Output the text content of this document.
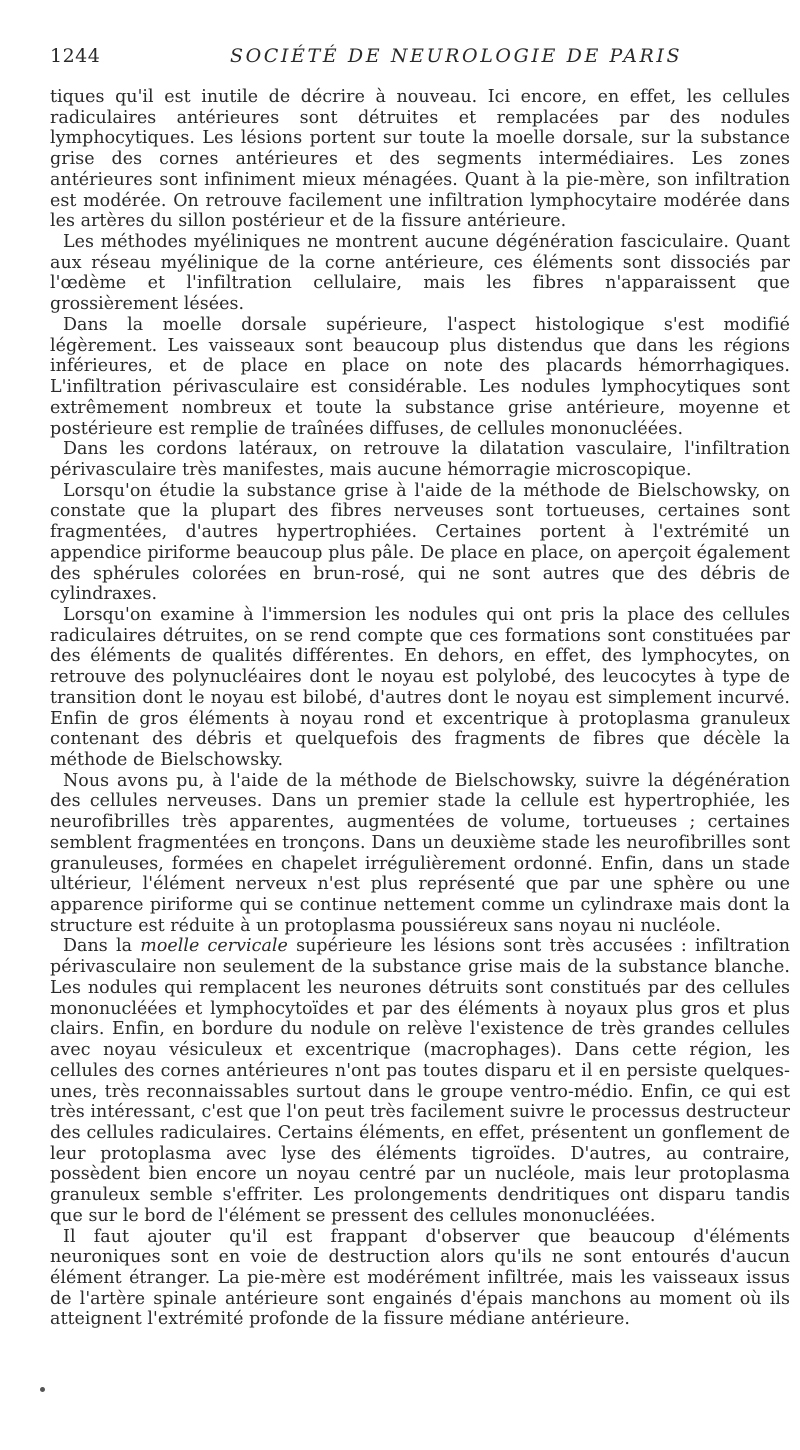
1244	SOCIÉTÉ DE NEUROLOGIE DE PARIS

tiques qu'il est inutile de décrire à nouveau. Ici encore, en effet, les cellules radiculaires antérieures sont détruites et remplacées par des nodules lymphocytiques. Les lésions portent sur toute la moelle dorsale, sur la substance grise des cornes antérieures et des segments intermédiaires. Les zones antérieures sont infiniment mieux ménagées. Quant à la pie-mère, son infiltration est modérée. On retrouve facilement une infiltration lymphocytaire modérée dans les artères du sillon postérieur et de la fissure antérieure.

Les méthodes myéliniques ne montrent aucune dégénération fasciculaire. Quant aux réseau myélinique de la corne antérieure, ces éléments sont dissociés par l'œdème et l'infiltration cellulaire, mais les fibres n'apparaissent que grossièrement lésées.

Dans la moelle dorsale supérieure, l'aspect histologique s'est modifié légèrement. Les vaisseaux sont beaucoup plus distendus que dans les régions inférieures, et de place en place on note des placards hémorrhagiques. L'infiltration périvasculaire est considérable. Les nodules lymphocytiques sont extrêmement nombreux et toute la substance grise antérieure, moyenne et postérieure est remplie de traînées diffuses, de cellules mononucléées.

Dans les cordons latéraux, on retrouve la dilatation vasculaire, l'infiltration périvasculaire très manifestes, mais aucune hémorragie microscopique.

Lorsqu'on étudie la substance grise à l'aide de la méthode de Bielschowsky, on constate que la plupart des fibres nerveuses sont tortueuses, certaines sont fragmentées, d'autres hypertrophiées. Certaines portent à l'extrémité un appendice piriforme beaucoup plus pâle. De place en place, on aperçoit également des sphérules colorées en brun-rosé, qui ne sont autres que des débris de cylindraxes.

Lorsqu'on examine à l'immersion les nodules qui ont pris la place des cellules radiculaires détruites, on se rend compte que ces formations sont constituées par des éléments de qualités différentes. En dehors, en effet, des lymphocytes, on retrouve des polynucléaires dont le noyau est polylobé, des leucocytes à type de transition dont le noyau est bilobé, d'autres dont le noyau est simplement incurvé. Enfin de gros éléments à noyau rond et excentrique à protoplasma granuleux contenant des débris et quelquefois des fragments de fibres que décèle la méthode de Bielschowsky.

Nous avons pu, à l'aide de la méthode de Bielschowsky, suivre la dégénération des cellules nerveuses. Dans un premier stade la cellule est hypertrophiée, les neurofibrilles très apparentes, augmentées de volume, tortueuses ; certaines semblent fragmentées en tronçons. Dans un deuxième stade les neurofibrilles sont granuleuses, formées en chapelet irrégulièrement ordonné. Enfin, dans un stade ultérieur, l'élément nerveux n'est plus représenté que par une sphère ou une apparence piriforme qui se continue nettement comme un cylindraxe mais dont la structure est réduite à un protoplasma poussiéreux sans noyau ni nucléole.

Dans la moelle cervicale supérieure les lésions sont très accusées : infiltration périvasculaire non seulement de la substance grise mais de la substance blanche. Les nodules qui remplacent les neurones détruits sont constitués par des cellules mononucléées et lymphocytoïdes et par des éléments à noyaux plus gros et plus clairs. Enfin, en bordure du nodule on relève l'existence de très grandes cellules avec noyau vésiculeux et excentrique (macrophages). Dans cette région, les cellules des cornes antérieures n'ont pas toutes disparu et il en persiste quelques-unes, très reconnaissables surtout dans le groupe ventro-médio. Enfin, ce qui est très intéressant, c'est que l'on peut très facilement suivre le processus destructeur des cellules radiculaires. Certains éléments, en effet, présentent un gonflement de leur protoplasma avec lyse des éléments tigroïdes. D'autres, au contraire, possèdent bien encore un noyau centré par un nucléole, mais leur protoplasma granuleux semble s'effriter. Les prolongements dendritiques ont disparu tandis que sur le bord de l'élément se pressent des cellules mononucléées.

Il faut ajouter qu'il est frappant d'observer que beaucoup d'éléments neuroniques sont en voie de destruction alors qu'ils ne sont entourés d'aucun élément étranger. La pie-mère est modérément infiltrée, mais les vaisseaux issus de l'artère spinale antérieure sont engainés d'épais manchons au moment où ils atteignent l'extrémité profonde de la fissure médiane antérieure.
